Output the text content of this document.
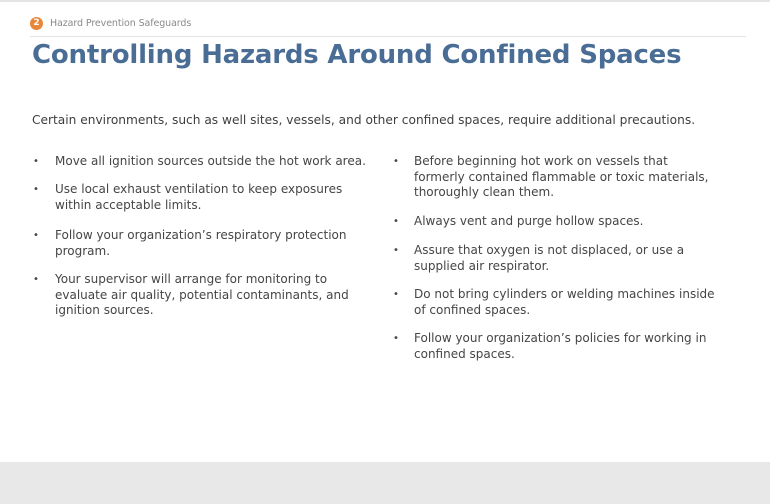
2	Hazard Prevention Safeguards
Controlling Hazards Around Confined Spaces

Certain environments, such as well sites, vessels, and other confined spaces, require additional precautions.

• Move all ignition sources outside the hot work area.
• Use local exhaust ventilation to keep exposures within acceptable limits.
• Follow your organization’s respiratory protection program.
• Your supervisor will arrange for monitoring to evaluate air quality, potential contaminants, and ignition sources.
• Before beginning hot work on vessels that formerly contained flammable or toxic materials, thoroughly clean them.
• Always vent and purge hollow spaces.
• Assure that oxygen is not displaced, or use a supplied air respirator.
• Do not bring cylinders or welding machines inside of confined spaces.
• Follow your organization’s policies for working in confined spaces.
